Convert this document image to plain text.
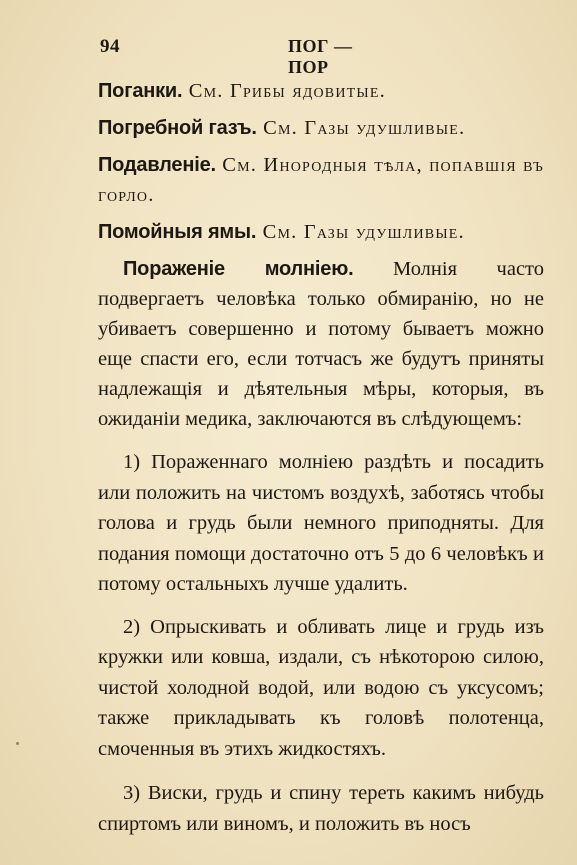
94	ПОГ — ПОР

Поганки. См. Грибы ядовитые.

Погребной газъ. См. Газы удушливые.

Подавленіе. См. Инородныя тѣла, попавшія въ горло.

Помойныя ямы. См. Газы удушливые.

Пораженіе молніею. Молнія часто подвергаетъ человѣка только обмиранію, но не убиваетъ совершенно и потому бываетъ можно еще спасти его, если тотчасъ же будутъ приняты надлежащія и дѣятельныя мѣры, которыя, въ ожиданіи медика, заключаются въ слѣдующемъ:

1) Пораженнаго молніею раздѣть и посадить или положить на чистомъ воздухѣ, заботясь чтобы голова и грудь были немного приподняты. Для подания помощи достаточно отъ 5 до 6 человѣкъ и потому остальныхъ лучше удалить.

2) Опрыскивать и обливать лице и грудь изъ кружки или ковша, издали, съ нѣкоторою силою, чистой холодной водой, или водою съ уксусомъ; также прикладывать къ головѣ полотенца, смоченныя въ этихъ жидкостяхъ.

3) Виски, грудь и спину тереть какимъ нибудь спиртомъ или виномъ, и положить въ носъ
